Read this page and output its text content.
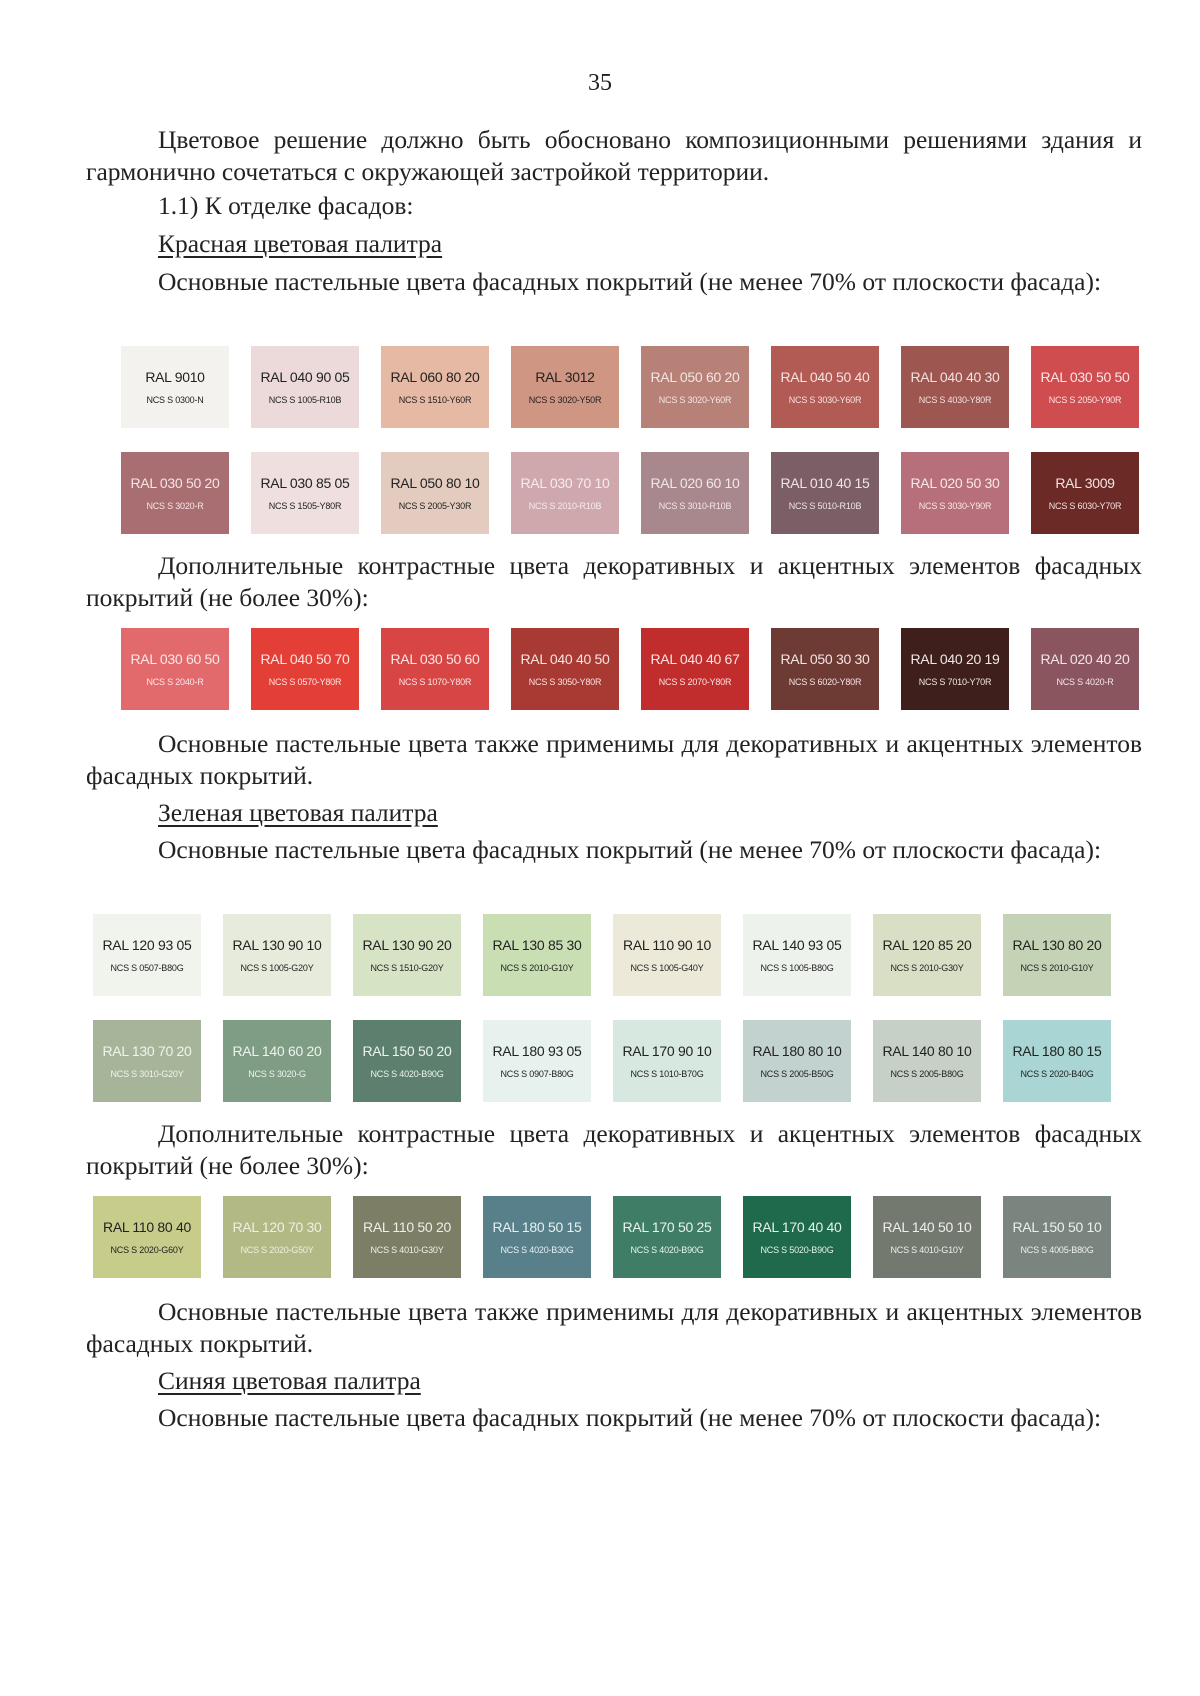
35

Цветовое решение должно быть обосновано композиционными решениями здания и гармонично сочетаться с окружающей застройкой территории.

1.1) К отделке фасадов:

Красная цветовая палитра

Основные пастельные цвета фасадных покрытий (не менее 70% от плоскости фасада):

RAL 9010
NCS S 0300-N
RAL 040 90 05
NCS S 1005-R10B
RAL 060 80 20
NCS S 1510-Y60R
RAL 3012
NCS S 3020-Y50R
RAL 050 60 20
NCS S 3020-Y60R
RAL 040 50 40
NCS S 3030-Y60R
RAL 040 40 30
NCS S 4030-Y80R
RAL 030 50 50
NCS S 2050-Y90R
RAL 030 50 20
NCS S 3020-R
RAL 030 85 05
NCS S 1505-Y80R
RAL 050 80 10
NCS S 2005-Y30R
RAL 030 70 10
NCS S 2010-R10B
RAL 020 60 10
NCS S 3010-R10B
RAL 010 40 15
NCS S 5010-R10B
RAL 020 50 30
NCS S 3030-Y90R
RAL 3009
NCS S 6030-Y70R

Дополнительные контрастные цвета декоративных и акцентных элементов фасадных покрытий (не более 30%):

RAL 030 60 50
NCS S 2040-R
RAL 040 50 70
NCS S 0570-Y80R
RAL 030 50 60
NCS S 1070-Y80R
RAL 040 40 50
NCS S 3050-Y80R
RAL 040 40 67
NCS S 2070-Y80R
RAL 050 30 30
NCS S 6020-Y80R
RAL 040 20 19
NCS S 7010-Y70R
RAL 020 40 20
NCS S 4020-R

Основные пастельные цвета также применимы для декоративных и акцентных элементов фасадных покрытий.

Зеленая цветовая палитра

Основные пастельные цвета фасадных покрытий (не менее 70% от плоскости фасада):

RAL 120 93 05
NCS S 0507-B80G
RAL 130 90 10
NCS S 1005-G20Y
RAL 130 90 20
NCS S 1510-G20Y
RAL 130 85 30
NCS S 2010-G10Y
RAL 110 90 10
NCS S 1005-G40Y
RAL 140 93 05
NCS S 1005-B80G
RAL 120 85 20
NCS S 2010-G30Y
RAL 130 80 20
NCS S 2010-G10Y
RAL 130 70 20
NCS S 3010-G20Y
RAL 140 60 20
NCS S 3020-G
RAL 150 50 20
NCS S 4020-B90G
RAL 180 93 05
NCS S 0907-B80G
RAL 170 90 10
NCS S 1010-B70G
RAL 180 80 10
NCS S 2005-B50G
RAL 140 80 10
NCS S 2005-B80G
RAL 180 80 15
NCS S 2020-B40G

Дополнительные контрастные цвета декоративных и акцентных элементов фасадных покрытий (не более 30%):

RAL 110 80 40
NCS S 2020-G60Y
RAL 120 70 30
NCS S 2020-G50Y
RAL 110 50 20
NCS S 4010-G30Y
RAL 180 50 15
NCS S 4020-B30G
RAL 170 50 25
NCS S 4020-B90G
RAL 170 40 40
NCS S 5020-B90G
RAL 140 50 10
NCS S 4010-G10Y
RAL 150 50 10
NCS S 4005-B80G

Основные пастельные цвета также применимы для декоративных и акцентных элементов фасадных покрытий.

Синяя цветовая палитра

Основные пастельные цвета фасадных покрытий (не менее 70% от плоскости фасада):
